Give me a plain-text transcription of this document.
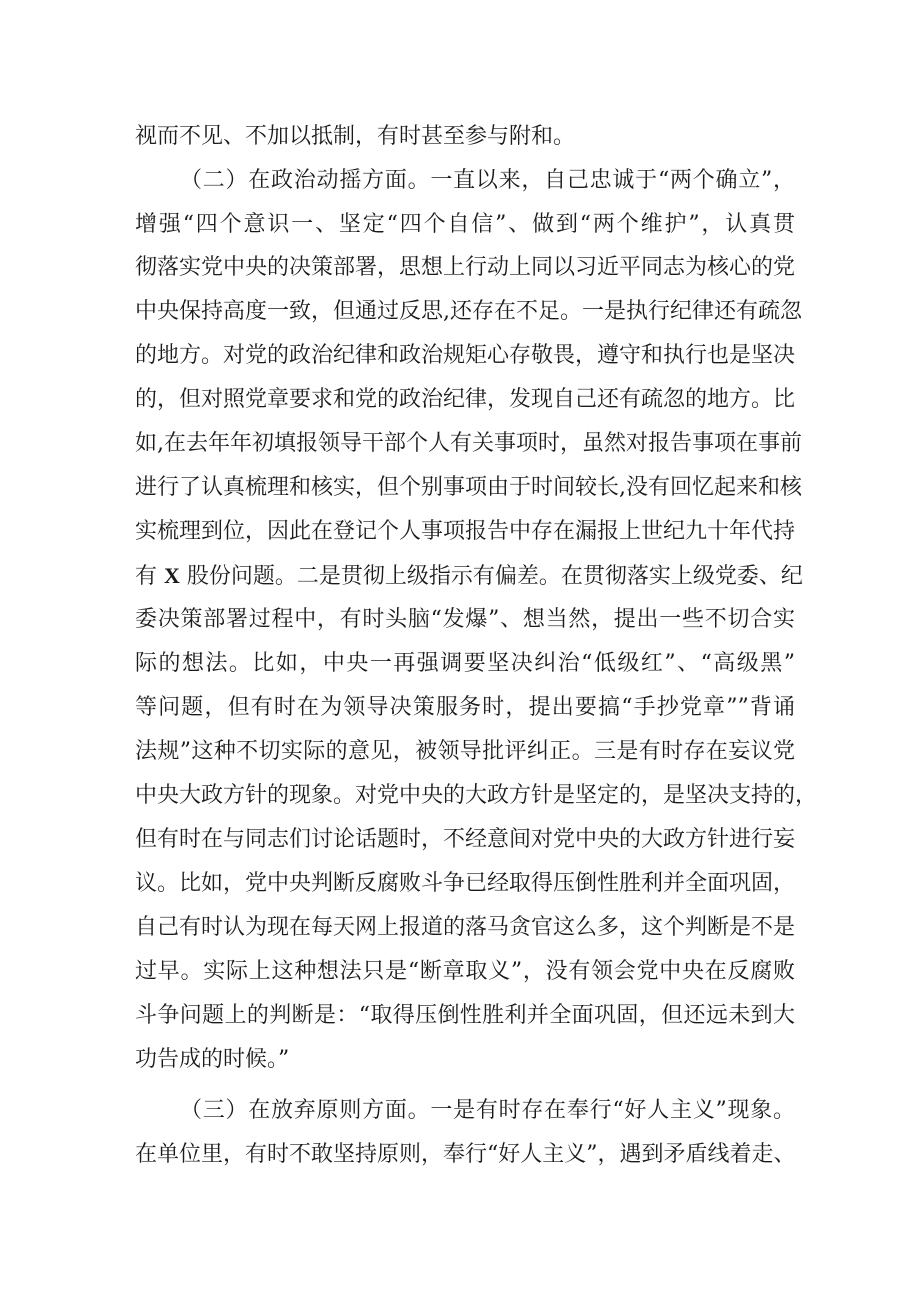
视而不见、不加以抵制，有时甚至参与附和。
（二）在政治动摇方面。一直以来，自己忠诚于“两个确立”，
增强“四个意识一、坚定“四个自信”、做到“两个维护”，认真贯
彻落实党中央的决策部署，思想上行动上同以习近平同志为核心的党
中央保持高度一致，但通过反思,还存在不足。一是执行纪律还有疏忽
的地方。对党的政治纪律和政治规矩心存敬畏，遵守和执行也是坚决
的，但对照党章要求和党的政治纪律，发现自己还有疏忽的地方。比
如,在去年年初填报领导干部个人有关事项时，虽然对报告事项在事前
进行了认真梳理和核实，但个别事项由于时间较长,没有回忆起来和核
实梳理到位，因此在登记个人事项报告中存在漏报上世纪九十年代持
有 X 股份问题。二是贯彻上级指示有偏差。在贯彻落实上级党委、纪
委决策部署过程中，有时头脑“发爆”、想当然，提出一些不切合实
际的想法。比如，中央一再强调要坚决纠治“低级红”、“高级黑”
等问题，但有时在为领导决策服务时，提出要搞“手抄党章””背诵
法规”这种不切实际的意见，被领导批评纠正。三是有时存在妄议党
中央大政方针的现象。对党中央的大政方针是坚定的，是坚决支持的，
但有时在与同志们讨论话题时，不经意间对党中央的大政方针进行妄
议。比如，党中央判断反腐败斗争已经取得压倒性胜利并全面巩固，
自己有时认为现在每天网上报道的落马贪官这么多，这个判断是不是
过早。实际上这种想法只是“断章取义”，没有领会党中央在反腐败
斗争问题上的判断是：“取得压倒性胜利并全面巩固，但还远未到大
功告成的时候。”
（三）在放弃原则方面。一是有时存在奉行“好人主义”现象。
在单位里，有时不敢坚持原则，奉行“好人主义”，遇到矛盾线着走、
